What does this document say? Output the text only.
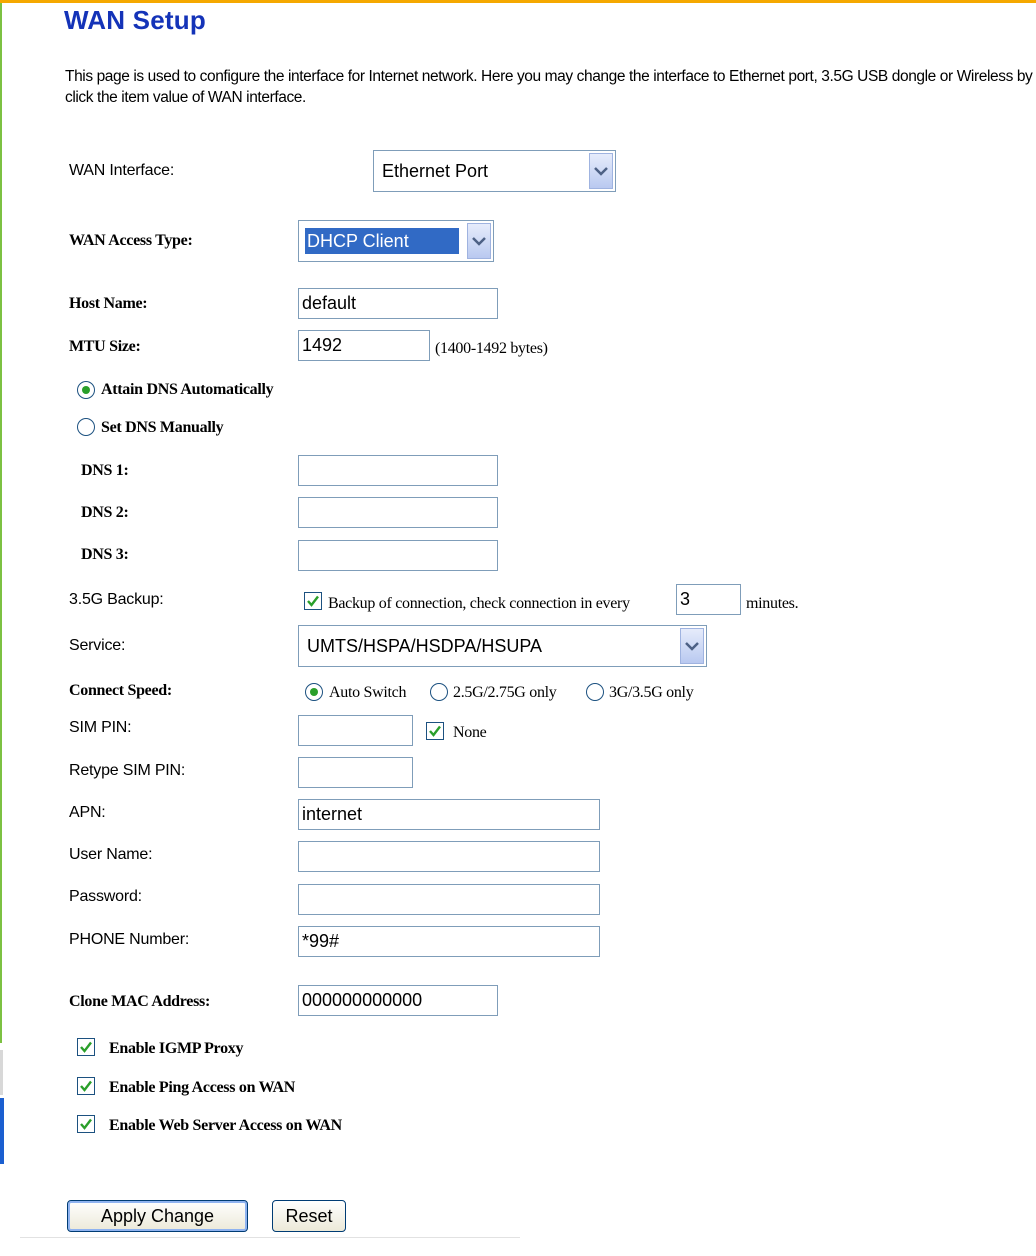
WAN Setup
This page is used to configure the interface for Internet network. Here you may change the interface to Ethernet port, 3.5G USB dongle or Wireless by click the item value of WAN interface.
WAN Interface:	Ethernet Port
WAN Access Type:	DHCP Client
Host Name:
default
MTU Size:
1492	(1400-1492 bytes)
Attain DNS Automatically
Set DNS Manually
DNS 1:
DNS 2:
DNS 3:
3.5G Backup:	Backup of connection, check connection in every
3	minutes.
Service:	UMTS/HSPA/HSDPA/HSUPA
Connect Speed:	Auto Switch	2.5G/2.75G only	3G/3.5G only
SIM PIN:	None
Retype SIM PIN:
APN:
internet
User Name:
Password:
PHONE Number:
*99#
Clone MAC Address:
000000000000
Enable IGMP Proxy
Enable Ping Access on WAN
Enable Web Server Access on WAN
Apply Change	Reset
